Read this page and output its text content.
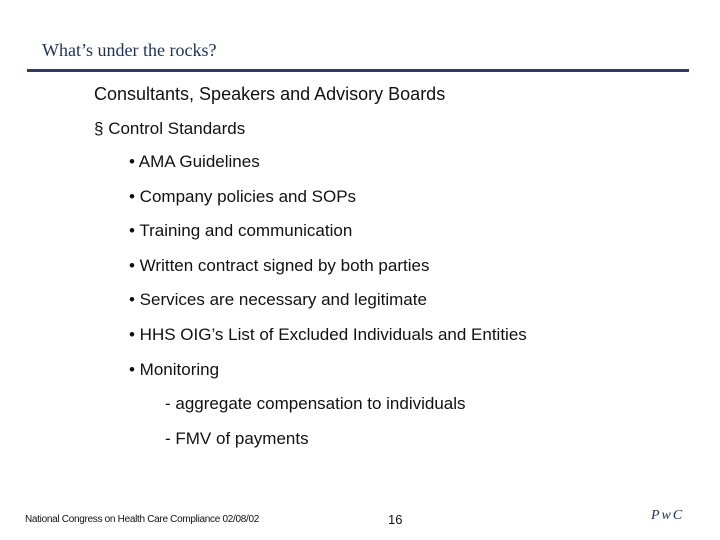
What’s under the rocks?
Consultants, Speakers and Advisory Boards
§ Control Standards
• AMA Guidelines
• Company policies and SOPs
• Training and communication
• Written contract signed by both parties
• Services are necessary and legitimate
• HHS OIG’s List of Excluded Individuals and Entities
• Monitoring
- aggregate compensation to individuals
- FMV of payments
National Congress on Health Care Compliance 02/08/02	16	PwC
